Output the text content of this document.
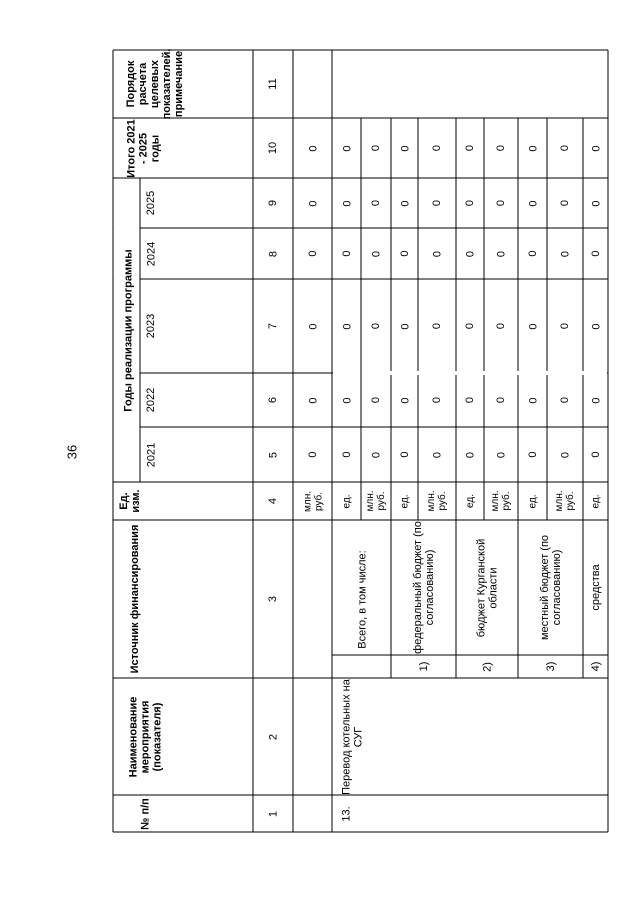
36
№ п/п
Наименование мероприятия (показателя)
Источник финансирования
Ед. изм.
Годы реализации программы
2021
2022
2023
2024
2025
Итого 2021 - 2025 годы
Порядок расчета целевых показателей, примечание
1
2
3
4
5
6
7
8
9
10
11
млн. руб.
0
0
0
0
0
0
13.
Перевод котельных на СУГ
Всего, в том числе:
1)
федеральный бюджет (по согласованию)
2)
бюджет Курганской области
3)
местный бюджет (по согласованию)
4)
средства
ед.
0
0
0
0
0
0
млн. руб.
0
0
0
0
0
0
ед.
0
0
0
0
0
0
млн. руб.
0
0
0
0
0
0
ед.
0
0
0
0
0
0
млн. руб.
0
0
0
0
0
0
ед.
0
0
0
0
0
0
млн. руб.
0
0
0
0
0
0
ед.
0
0
0
0
0
0
